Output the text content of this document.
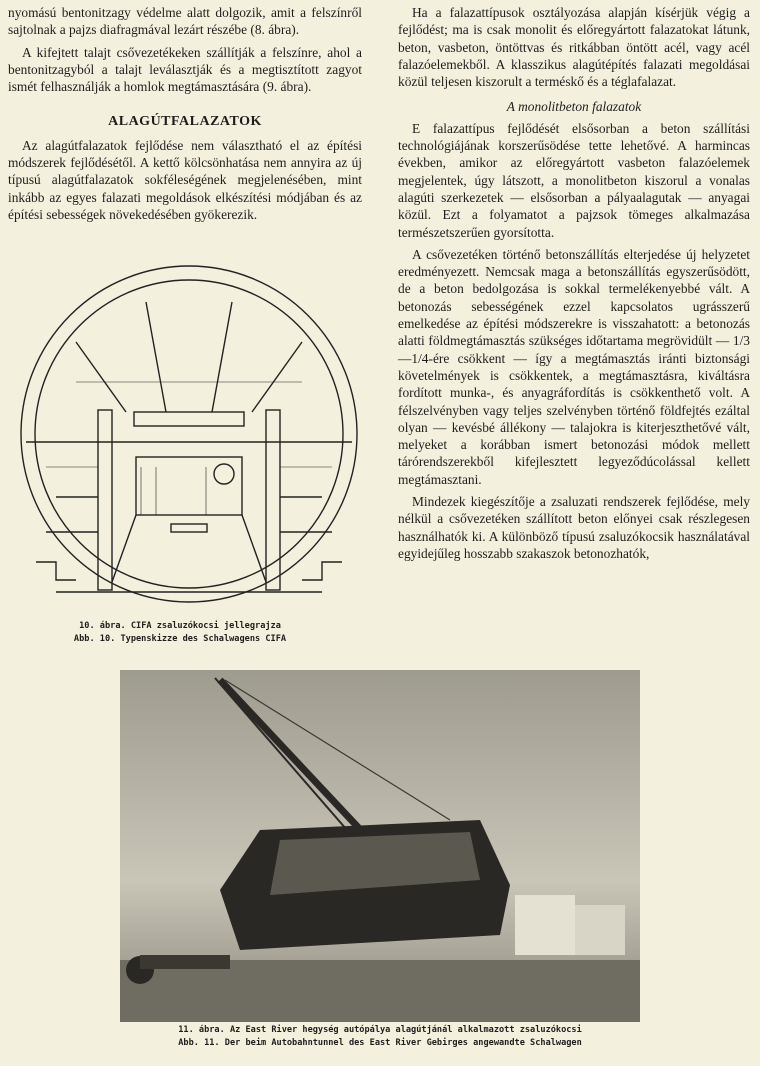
nyomású bentonitzagy védelme alatt dolgozik, amit a felszínről sajtolnak a pajzs diafragmával lezárt részébe (8. ábra).

A kifejtett talajt csővezetékeken szállítják a felszínre, ahol a bentonitzagyból a talajt leválasztják és a megtisztított zagyot ismét felhasználják a homlok megtámasztására (9. ábra).

ALAGÚTFALAZATOK

Az alagútfalazatok fejlődése nem választható el az építési módszerek fejlődésétől. A kettő kölcsönhatása nem annyira az új típusú alagútfalazatok sokféleségének megjelenésében, mint inkább az egyes falazati megoldások elkészítési módjában és az építési sebességek növekedésében gyökerezik.

10. ábra. CIFA zsaluzókocsi jellegrajza
Abb. 10. Typenskizze des Schalwagens CIFA

Ha a falazattípusok osztályozása alapján kísérjük végig a fejlődést; ma is csak monolit és előregyártott falazatokat látunk, beton, vasbeton, öntöttvas és ritkábban öntött acél, vagy acél falazóelemekből. A klasszikus alagútépítés falazati megoldásai közül teljesen kiszorult a terméskő és a téglafalazat.

A monolitbeton falazatok

E falazattípus fejlődését elsősorban a beton szállítási technológiájának korszerűsödése tette lehetővé. A harmincas években, amikor az előregyártott vasbeton falazóelemek megjelentek, úgy látszott, a monolitbeton kiszorul a vonalas alagúti szerkezetek — elsősorban a pályaalagutak — anyagai közül. Ezt a folyamatot a pajzsok tömeges alkalmazása természetszerűen gyorsította.

A csővezetéken történő betonszállítás elterjedése új helyzetet eredményezett. Nemcsak maga a betonszállítás egyszerűsödött, de a beton bedolgozása is sokkal termelékenyebbé vált. A betonozás sebességének ezzel kapcsolatos ugrásszerű emelkedése az építési módszerekre is visszahatott: a betonozás alatti földmegtámasztás szükséges időtartama megrövidült — 1/3—1/4-ére csökkent — így a megtámasztás iránti biztonsági követelmények is csökkentek, a megtámasztásra, kiváltásra fordított munka-, és anyagráfordítás is csökkenthető volt. A félszelvényben vagy teljes szelvényben történő földfejtés ezáltal olyan — kevésbé állékony — talajokra is kiterjeszthetővé vált, melyeket a korábban ismert betonozási módok mellett tárórendszerekből kifejlesztett legyeződúcolással kellett megtámasztani.

Mindezek kiegészítője a zsaluzati rendszerek fejlődése, mely nélkül a csővezetéken szállított beton előnyei csak részlegesen használhatók ki. A különböző típusú zsaluzókocsik használatával egyidejűleg hosszabb szakaszok betonozhatók,

11. ábra. Az East River hegység autópálya alagútjánál alkalmazott zsaluzókocsi
Abb. 11. Der beim Autobahntunnel des East River Gebirges angewandte Schalwagen
